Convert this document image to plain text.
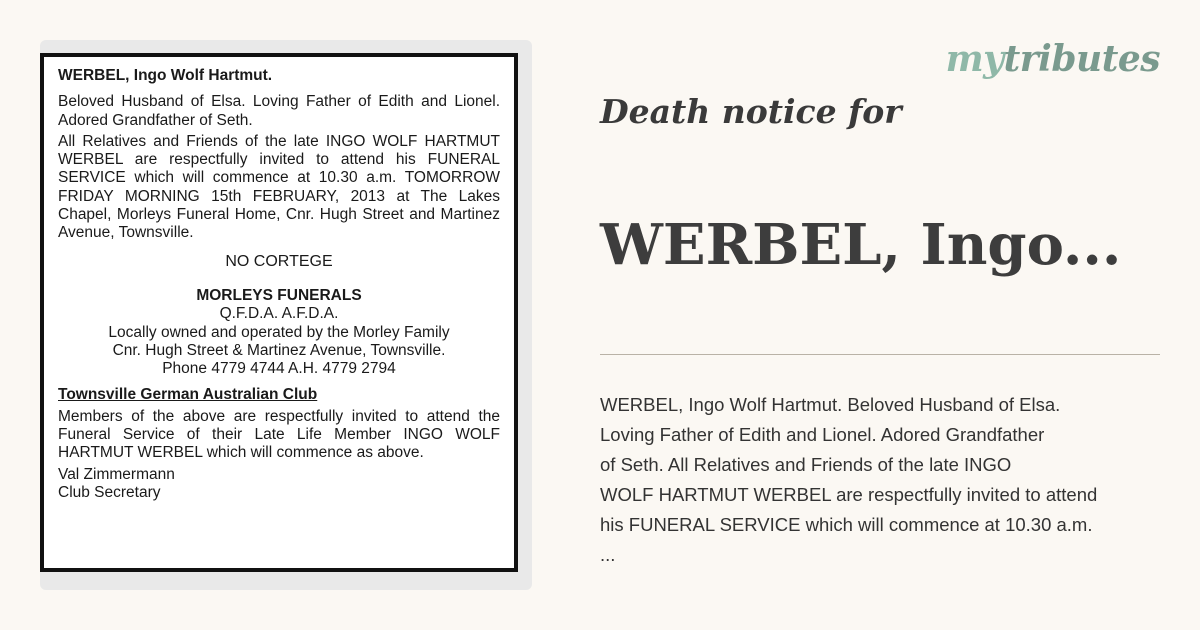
WERBEL, Ingo Wolf Hartmut.

Beloved Husband of Elsa. Loving Father of Edith and Lionel. Adored Grandfather of Seth.

All Relatives and Friends of the late INGO WOLF HARTMUT WERBEL are respectfully invited to attend his FUNERAL SERVICE which will commence at 10.30 a.m. TOMORROW FRIDAY MORNING 15th FEBRUARY, 2013 at The Lakes Chapel, Morleys Funeral Home, Cnr. Hugh Street and Martinez Avenue, Townsville.

NO CORTEGE

MORLEYS FUNERALS

Q.F.D.A. A.F.D.A.

Locally owned and operated by the Morley Family

Cnr. Hugh Street & Martinez Avenue, Townsville.

Phone 4779 4744 A.H. 4779 2794

Townsville German Australian Club

Members of the above are respectfully invited to attend the Funeral Service of their Late Life Member INGO WOLF HARTMUT WERBEL which will commence as above.

Val Zimmermann

Club Secretary

mytributes
Death notice for
WERBEL, Ingo...

WERBEL, Ingo Wolf Hartmut. Beloved Husband of Elsa.
Loving Father of Edith and Lionel. Adored Grandfather
of Seth. All Relatives and Friends of the late INGO
WOLF HARTMUT WERBEL are respectfully invited to attend
his FUNERAL SERVICE which will commence at 10.30 a.m.
...
